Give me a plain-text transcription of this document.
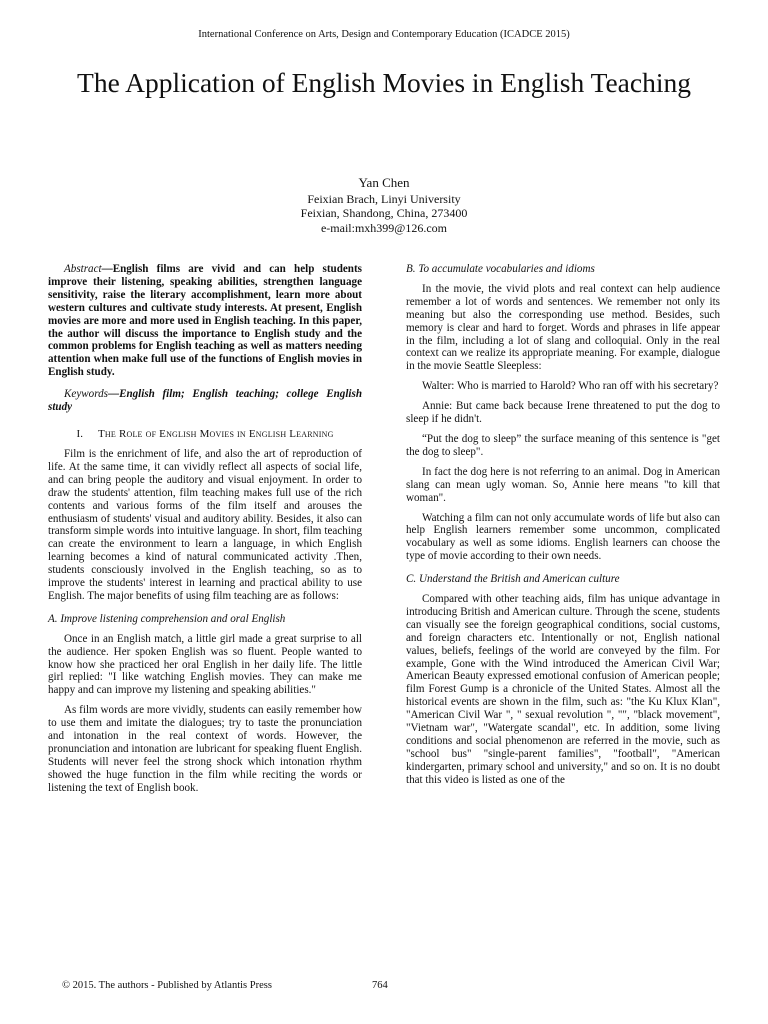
International Conference on Arts, Design and Contemporary Education (ICADCE 2015)
The Application of English Movies in English Teaching
Yan Chen
Feixian Brach, Linyi University
Feixian, Shandong, China, 273400
e-mail:mxh399@126.com

Abstract—English films are vivid and can help students improve their listening, speaking abilities, strengthen language sensitivity, raise the literary accomplishment, learn more about western cultures and cultivate study interests. At present, English movies are more and more used in English teaching. In this paper, the author will discuss the importance to English study and the common problems for English teaching as well as matters needing attention when make full use of the functions of English movies in English study.

Keywords—English film; English teaching; college English study

I. The Role of English Movies in English Learning

Film is the enrichment of life, and also the art of reproduction of life. At the same time, it can vividly reflect all aspects of social life, and can bring people the auditory and visual enjoyment. In order to draw the students' attention, film teaching makes full use of the rich contents and various forms of the film itself and arouses the enthusiasm of students' visual and auditory ability. Besides, it also can transform simple words into intuitive language. In short, film teaching can create the environment to learn a language, in which English learning becomes a kind of natural communicated activity .Then, students consciously involved in the English teaching, so as to improve the students' interest in learning and practical ability to use English. The major benefits of using film teaching are as follows:

A. Improve listening comprehension and oral English

Once in an English match, a little girl made a great surprise to all the audience. Her spoken English was so fluent. People wanted to know how she practiced her oral English in her daily life. The little girl replied: "I like watching English movies. They can make me happy and can improve my listening and speaking abilities."

As film words are more vividly, students can easily remember how to use them and imitate the dialogues; try to taste the pronunciation and intonation in the real context of words. However, the pronunciation and intonation are lubricant for speaking fluent English. Students will never feel the strong shock which intonation rhythm showed the huge function in the film while reciting the words or listening the text of English book.

B. To accumulate vocabularies and idioms

In the movie, the vivid plots and real context can help audience remember a lot of words and sentences. We remember not only its meaning but also the corresponding use method. Besides, such memory is clear and hard to forget. Words and phrases in life appear in the film, including a lot of slang and colloquial. Only in the real context can we realize its appropriate meaning. For example, dialogue in the movie Seattle Sleepless:

Walter: Who is married to Harold? Who ran off with his secretary?

Annie: But came back because Irene threatened to put the dog to sleep if he didn't.

“Put the dog to sleep” the surface meaning of this sentence is "get the dog to sleep".

In fact the dog here is not referring to an animal. Dog in American slang can mean ugly woman. So, Annie here means "to kill that woman".

Watching a film can not only accumulate words of life but also can help English learners remember some uncommon, complicated vocabulary as well as some idioms. English learners can choose the type of movie according to their own needs.

C. Understand the British and American culture

Compared with other teaching aids, film has unique advantage in introducing British and American culture. Through the scene, students can visually see the foreign geographical conditions, social customs, and foreign characters etc. Intentionally or not, English national values, beliefs, feelings of the world are conveyed by the film. For example, Gone with the Wind introduced the American Civil War; American Beauty expressed emotional confusion of American people; film Forest Gump is a chronicle of the United States. Almost all the historical events are shown in the film, such as: "the Ku Klux Klan", "American Civil War ", " sexual revolution ", "", "black movement", "Vietnam war", "Watergate scandal", etc. In addition, some living conditions and social phenomenon are referred in the movie, such as "school bus" "single-parent families", "football", "American kindergarten, primary school and university," and so on. It is no doubt that this video is listed as one of the

© 2015. The authors - Published by Atlantis Press	764
